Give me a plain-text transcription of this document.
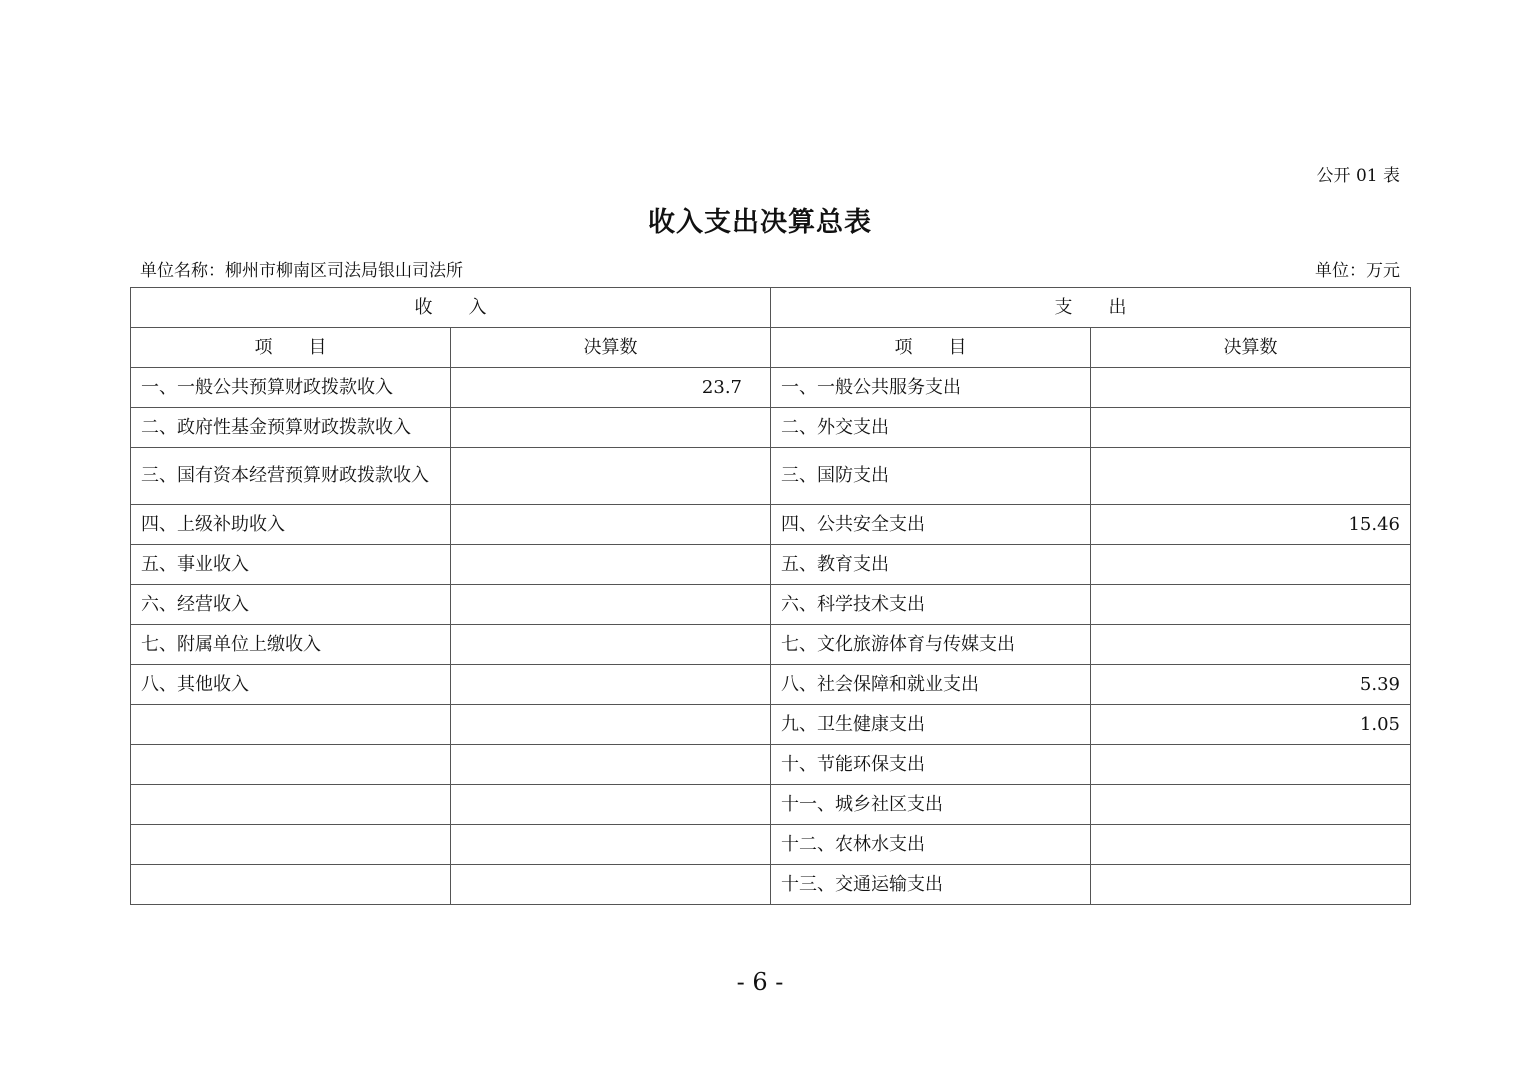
公开 01 表
收入支出决算总表
单位名称：柳州市柳南区司法局银山司法所	单位：万元
收　　入		支　　出	
项　　目	决算数	项　　目	决算数
一、一般公共预算财政拨款收入	23.7	一、一般公共服务支出	
二、政府性基金预算财政拨款收入		二、外交支出	
三、国有资本经营预算财政拨款收入		三、国防支出	
四、上级补助收入		四、公共安全支出	15.46
五、事业收入		五、教育支出	
六、经营收入		六、科学技术支出	
七、附属单位上缴收入		七、文化旅游体育与传媒支出	
八、其他收入		八、社会保障和就业支出	5.39
		九、卫生健康支出	1.05
		十、节能环保支出	
		十一、城乡社区支出	
		十二、农林水支出	
		十三、交通运输支出	
- 6 -
